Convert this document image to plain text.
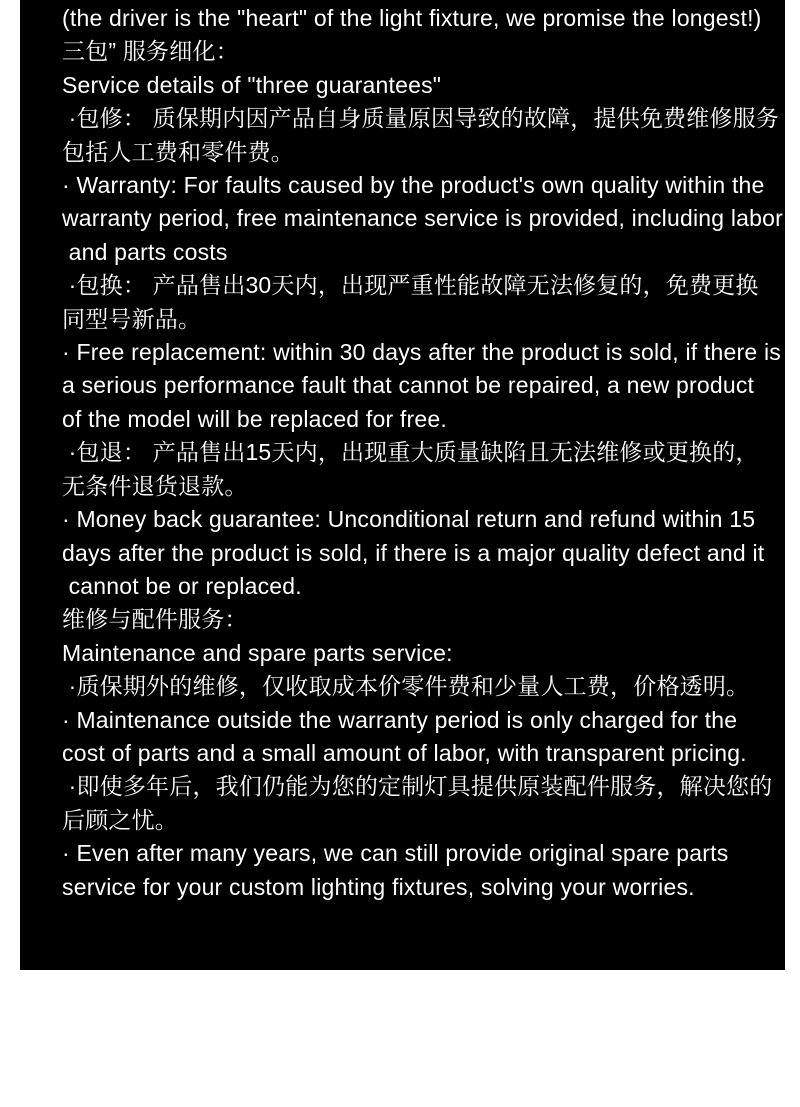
(the driver is the "heart" of the light fixture, we promise the longest!)
三包” 服务细化：
Service details of "three guarantees"
·包修： 质保期内因产品自身质量原因导致的故障，提供免费维修服务
包括人工费和零件费。
· Warranty: For faults caused by the product's own quality within the
warranty period, free maintenance service is provided, including labor
and parts costs
·包换： 产品售出30天内，出现严重性能故障无法修复的，免费更换
同型号新品。
· Free replacement: within 30 days after the product is sold, if there is
a serious performance fault that cannot be repaired, a new product
of the model will be replaced for free.
·包退： 产品售出15天内，出现重大质量缺陷且无法维修或更换的，
无条件退货退款。
· Money back guarantee: Unconditional return and refund within 15
days after the product is sold, if there is a major quality defect and it
cannot be or replaced.
维修与配件服务：
Maintenance and spare parts service:
·质保期外的维修，仅收取成本价零件费和少量人工费，价格透明。
· Maintenance outside the warranty period is only charged for the
cost of parts and a small amount of labor, with transparent pricing.
·即使多年后，我们仍能为您的定制灯具提供原装配件服务，解决您的
后顾之忧。
· Even after many years, we can still provide original spare parts
service for your custom lighting fixtures, solving your worries.
